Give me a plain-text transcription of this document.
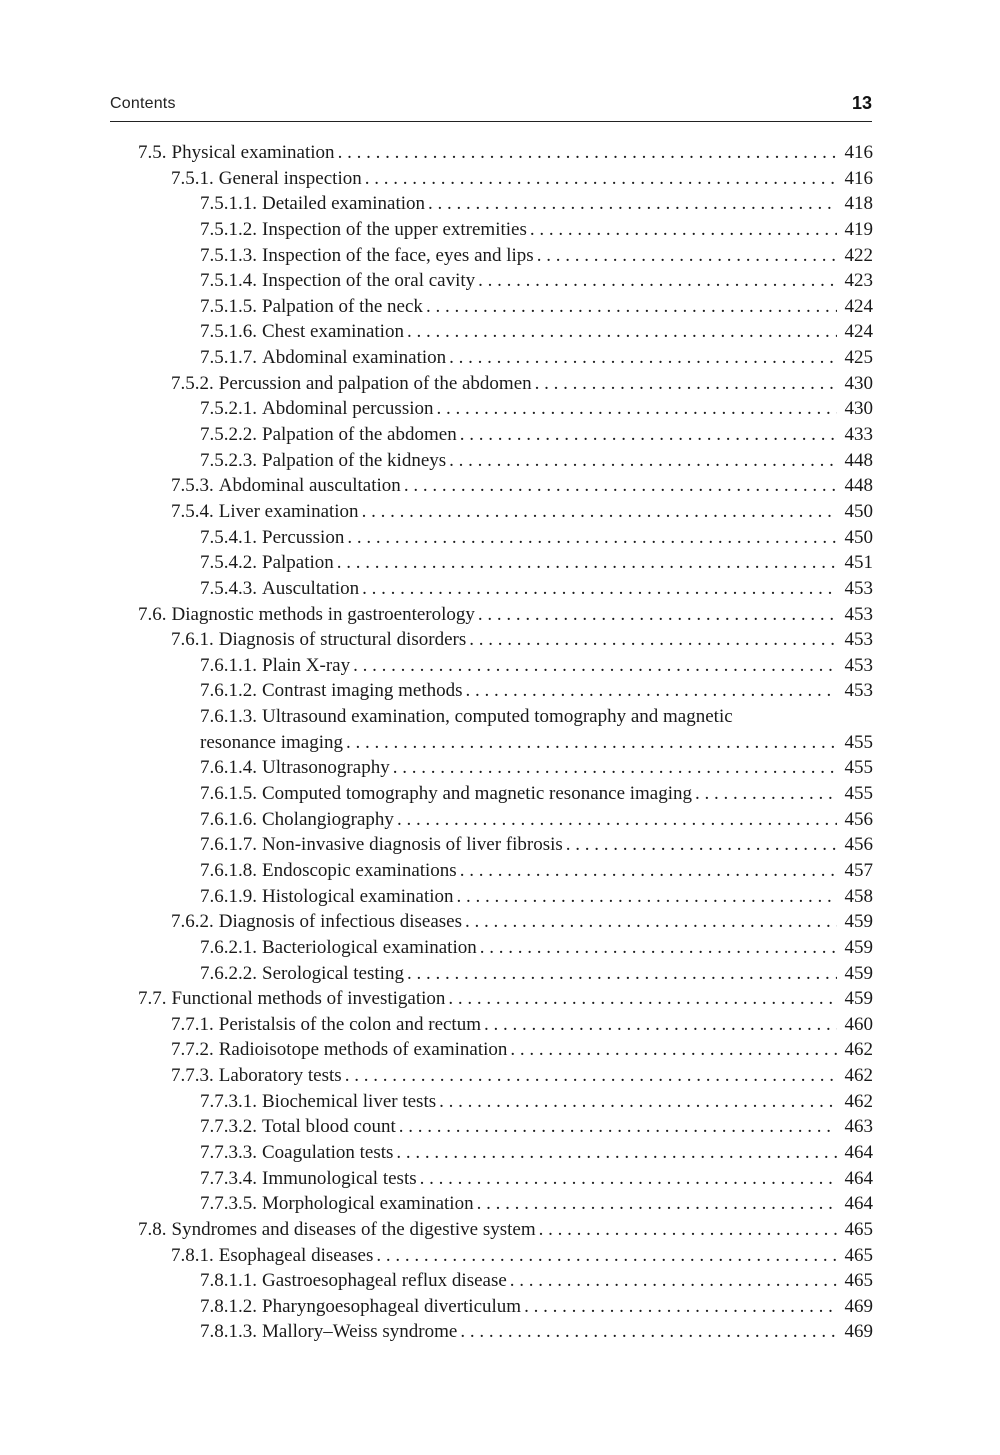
Contents	13
7.5. Physical examination . . .	416
7.5.1. General inspection . . .	416
7.5.1.1. Detailed examination . . .	418
7.5.1.2. Inspection of the upper extremities . . .	419
7.5.1.3. Inspection of the face, eyes and lips . . .	422
7.5.1.4. Inspection of the oral cavity . . .	423
7.5.1.5. Palpation of the neck . . .	424
7.5.1.6. Chest examination . . .	424
7.5.1.7. Abdominal examination . . .	425
7.5.2. Percussion and palpation of the abdomen . . .	430
7.5.2.1. Abdominal percussion . . .	430
7.5.2.2. Palpation of the abdomen . . .	433
7.5.2.3. Palpation of the kidneys . . .	448
7.5.3. Abdominal auscultation . . .	448
7.5.4. Liver examination . . .	450
7.5.4.1. Percussion . . .	450
7.5.4.2. Palpation . . .	451
7.5.4.3. Auscultation . . .	453
7.6. Diagnostic methods in gastroenterology . . .	453
7.6.1. Diagnosis of structural disorders . . .	453
7.6.1.1. Plain X-ray . . .	453
7.6.1.2. Contrast imaging methods . . .	453
7.6.1.3. Ultrasound examination, computed tomography and magnetic
resonance imaging . . .	455
7.6.1.4. Ultrasonography . . .	455
7.6.1.5. Computed tomography and magnetic resonance imaging . . .	455
7.6.1.6. Cholangiography . . .	456
7.6.1.7. Non-invasive diagnosis of liver fibrosis . . .	456
7.6.1.8. Endoscopic examinations . . .	457
7.6.1.9. Histological examination . . .	458
7.6.2. Diagnosis of infectious diseases . . .	459
7.6.2.1. Bacteriological examination . . .	459
7.6.2.2. Serological testing . . .	459
7.7. Functional methods of investigation . . .	459
7.7.1. Peristalsis of the colon and rectum . . .	460
7.7.2. Radioisotope methods of examination . . .	462
7.7.3. Laboratory tests . . .	462
7.7.3.1. Biochemical liver tests . . .	462
7.7.3.2. Total blood count . . .	463
7.7.3.3. Coagulation tests . . .	464
7.7.3.4. Immunological tests . . .	464
7.7.3.5. Morphological examination . . .	464
7.8. Syndromes and diseases of the digestive system . . .	465
7.8.1. Esophageal diseases . . .	465
7.8.1.1. Gastroesophageal reflux disease . . .	465
7.8.1.2. Pharyngoesophageal diverticulum . . .	469
7.8.1.3. Mallory–Weiss syndrome . . .	469
